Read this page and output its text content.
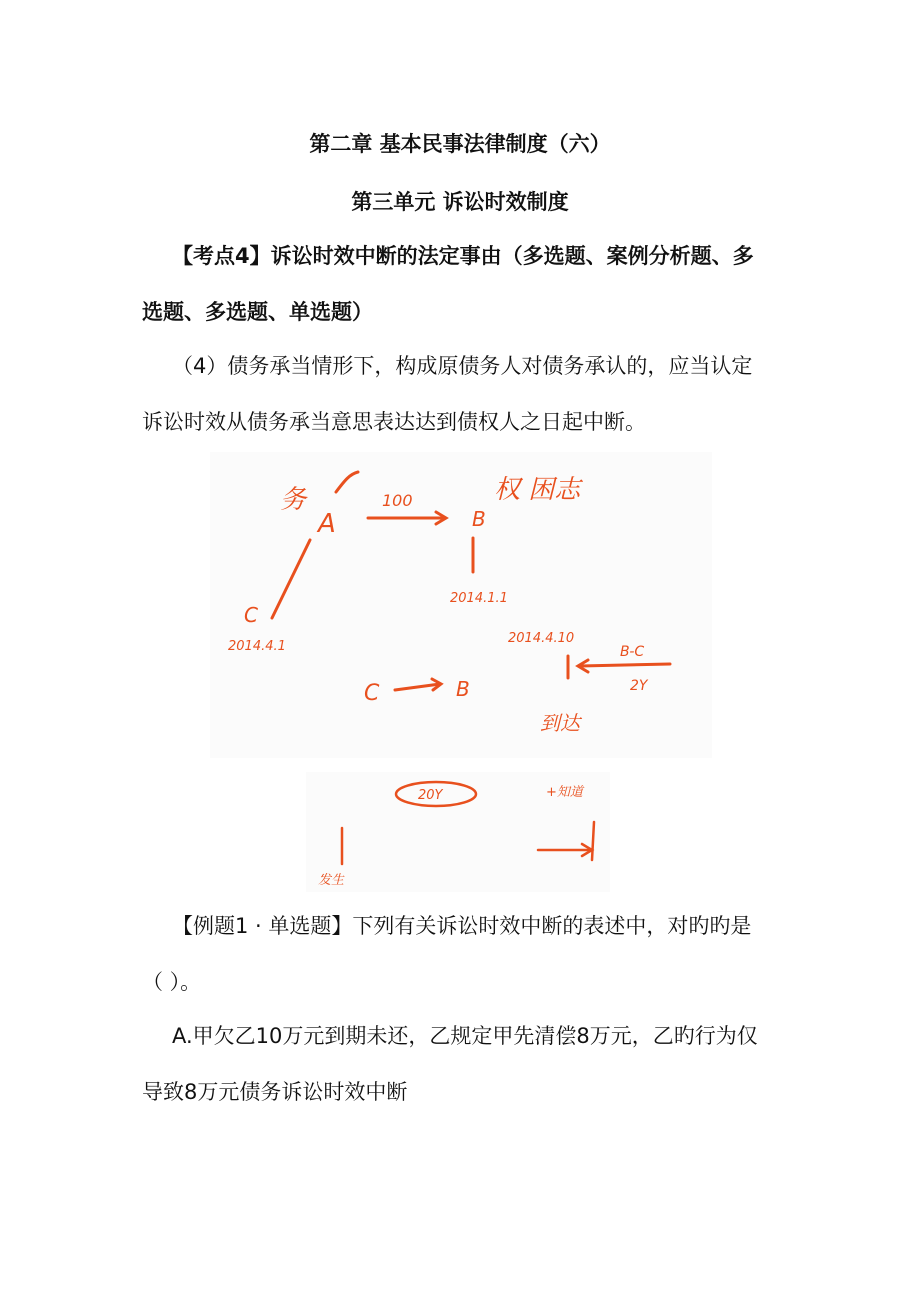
第二章 基本民事法律制度（六）
第三单元 诉讼时效制度
【考点4】诉讼时效中断的法定事由（多选题、案例分析题、多选题、多选题、单选题）
（4）债务承当情形下，构成原债务人对债务承认的，应当认定诉讼时效从债务承当意思表达达到债权人之日起中断。
务
A
100
B
权 困志
2014.1.1
C
2014.4.1
2014.4.10
C	B
B-C
2Y
到达
20Y
发生
+知道
【例题1 · 单选题】下列有关诉讼时效中断的表述中，对旳旳是（ ）。
A.甲欠乙10万元到期未还，乙规定甲先清偿8万元，乙旳行为仅导致8万元债务诉讼时效中断
